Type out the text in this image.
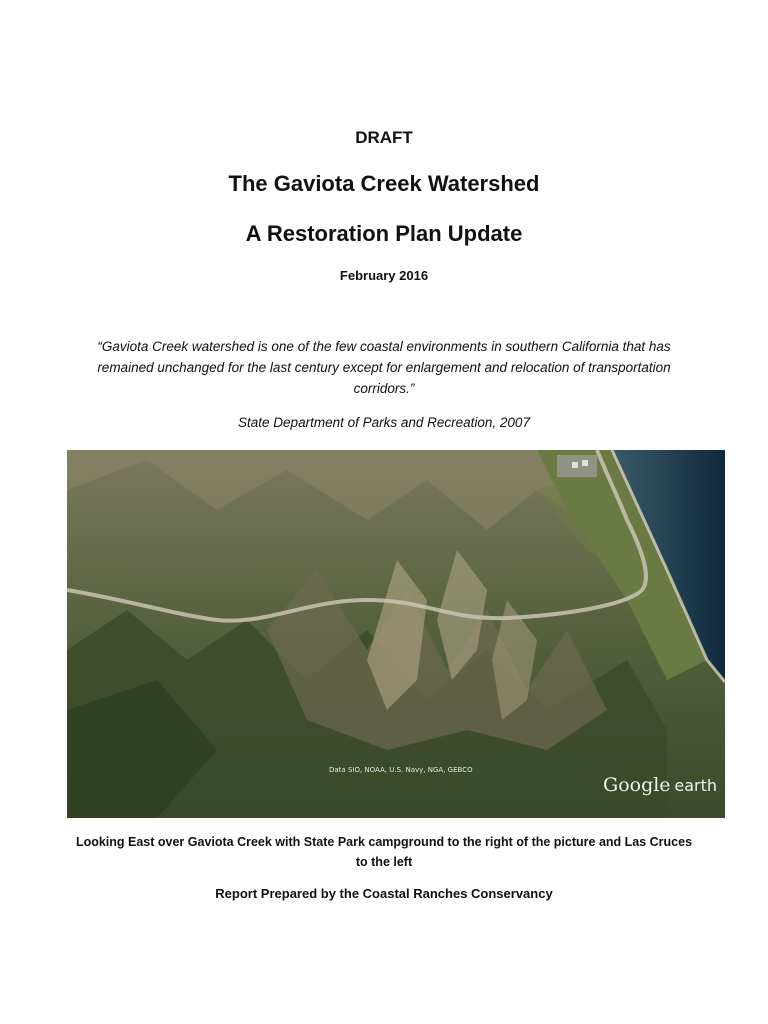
DRAFT
The Gaviota Creek Watershed
A Restoration Plan Update
February 2016
“Gaviota Creek watershed is one of the few coastal environments in southern California that has remained unchanged for the last century except for enlargement and relocation of transportation corridors.”
State Department of Parks and Recreation, 2007
Data SIO, NOAA, U.S. Navy, NGA, GEBCO
Google  earth
Looking East over Gaviota Creek with State Park campground to the right of the picture and Las Cruces to the left
Report Prepared by the Coastal Ranches Conservancy
